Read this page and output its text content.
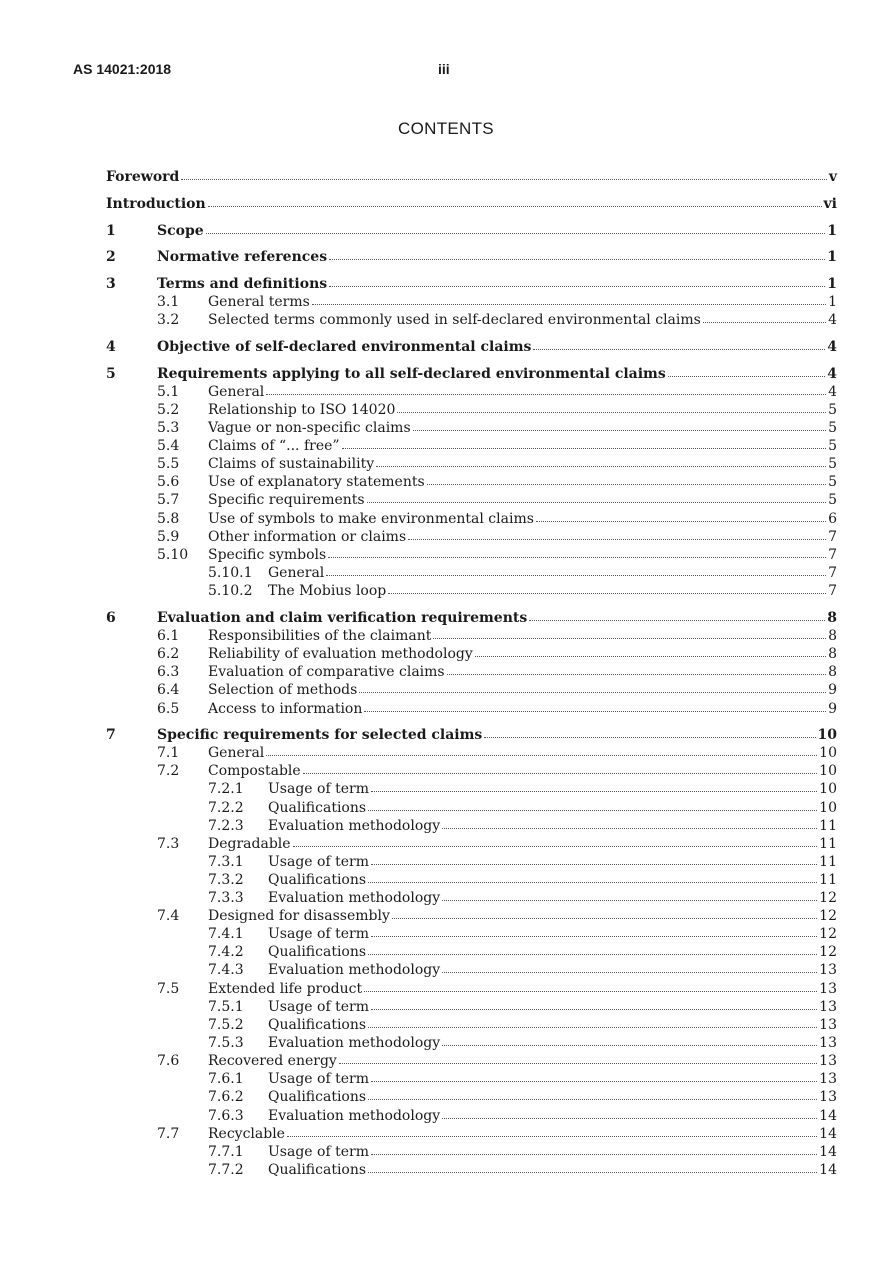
AS 14021:2018	iii
CONTENTS
Foreword	v
Introduction	vi
1	Scope	1
2	Normative references	1
3	Terms and definitions	1
3.1	General terms	1
3.2	Selected terms commonly used in self-declared environmental claims	4
4	Objective of self-declared environmental claims	4
5	Requirements applying to all self-declared environmental claims	4
5.1	General	4
5.2	Relationship to ISO 14020	5
5.3	Vague or non-specific claims	5
5.4	Claims of “... free”	5
5.5	Claims of sustainability	5
5.6	Use of explanatory statements	5
5.7	Specific requirements	5
5.8	Use of symbols to make environmental claims	6
5.9	Other information or claims	7
5.10	Specific symbols	7
5.10.1	General	7
5.10.2	The Mobius loop	7
6	Evaluation and claim verification requirements	8
6.1	Responsibilities of the claimant	8
6.2	Reliability of evaluation methodology	8
6.3	Evaluation of comparative claims	8
6.4	Selection of methods	9
6.5	Access to information	9
7	Specific requirements for selected claims	10
7.1	General	10
7.2	Compostable	10
7.2.1	Usage of term	10
7.2.2	Qualifications	10
7.2.3	Evaluation methodology	11
7.3	Degradable	11
7.3.1	Usage of term	11
7.3.2	Qualifications	11
7.3.3	Evaluation methodology	12
7.4	Designed for disassembly	12
7.4.1	Usage of term	12
7.4.2	Qualifications	12
7.4.3	Evaluation methodology	13
7.5	Extended life product	13
7.5.1	Usage of term	13
7.5.2	Qualifications	13
7.5.3	Evaluation methodology	13
7.6	Recovered energy	13
7.6.1	Usage of term	13
7.6.2	Qualifications	13
7.6.3	Evaluation methodology	14
7.7	Recyclable	14
7.7.1	Usage of term	14
7.7.2	Qualifications	14
